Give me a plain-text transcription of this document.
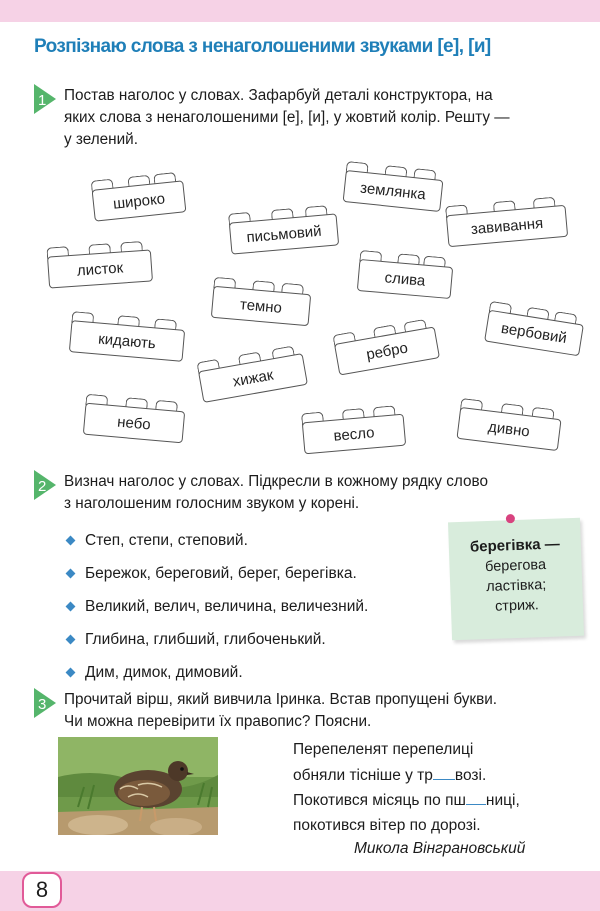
Розпізнаю слова з ненаголошеними звуками [е], [и]
1 Постав наголос у словах. Зафарбуй деталі конструктора, на
яких слова з ненаголошеними [е], [и], у жовтий колір. Решту —
у зелений.
широко	землянка
письмовий	завивання
листок	слива
темно
кидають	ребро
вербовий
хижак
небо
весло	дивно
2 Визнач наголос у словах. Підкресли в кожному рядку слово
з наголошеним голосним звуком у корені.
Степ, степи, степовий.
Бережок, береговий, берег, берегівка.
Великий, велич, величина, величезний.
Глибина, глибший, глибоченький.
Дим, димок, димовий.
берегівка —
берегова
ластівка;
стриж.
3 Прочитай вірш, який вивчила Іринка. Встав пропущені букви.
Чи можна перевірити їх правопис? Поясни.
Перепеленят перепелиці
обняли тісніше у тр возі.
Покотився місяць по пш ниці,
покотився вітер по дорозі.
Микола Вінграновський
8
